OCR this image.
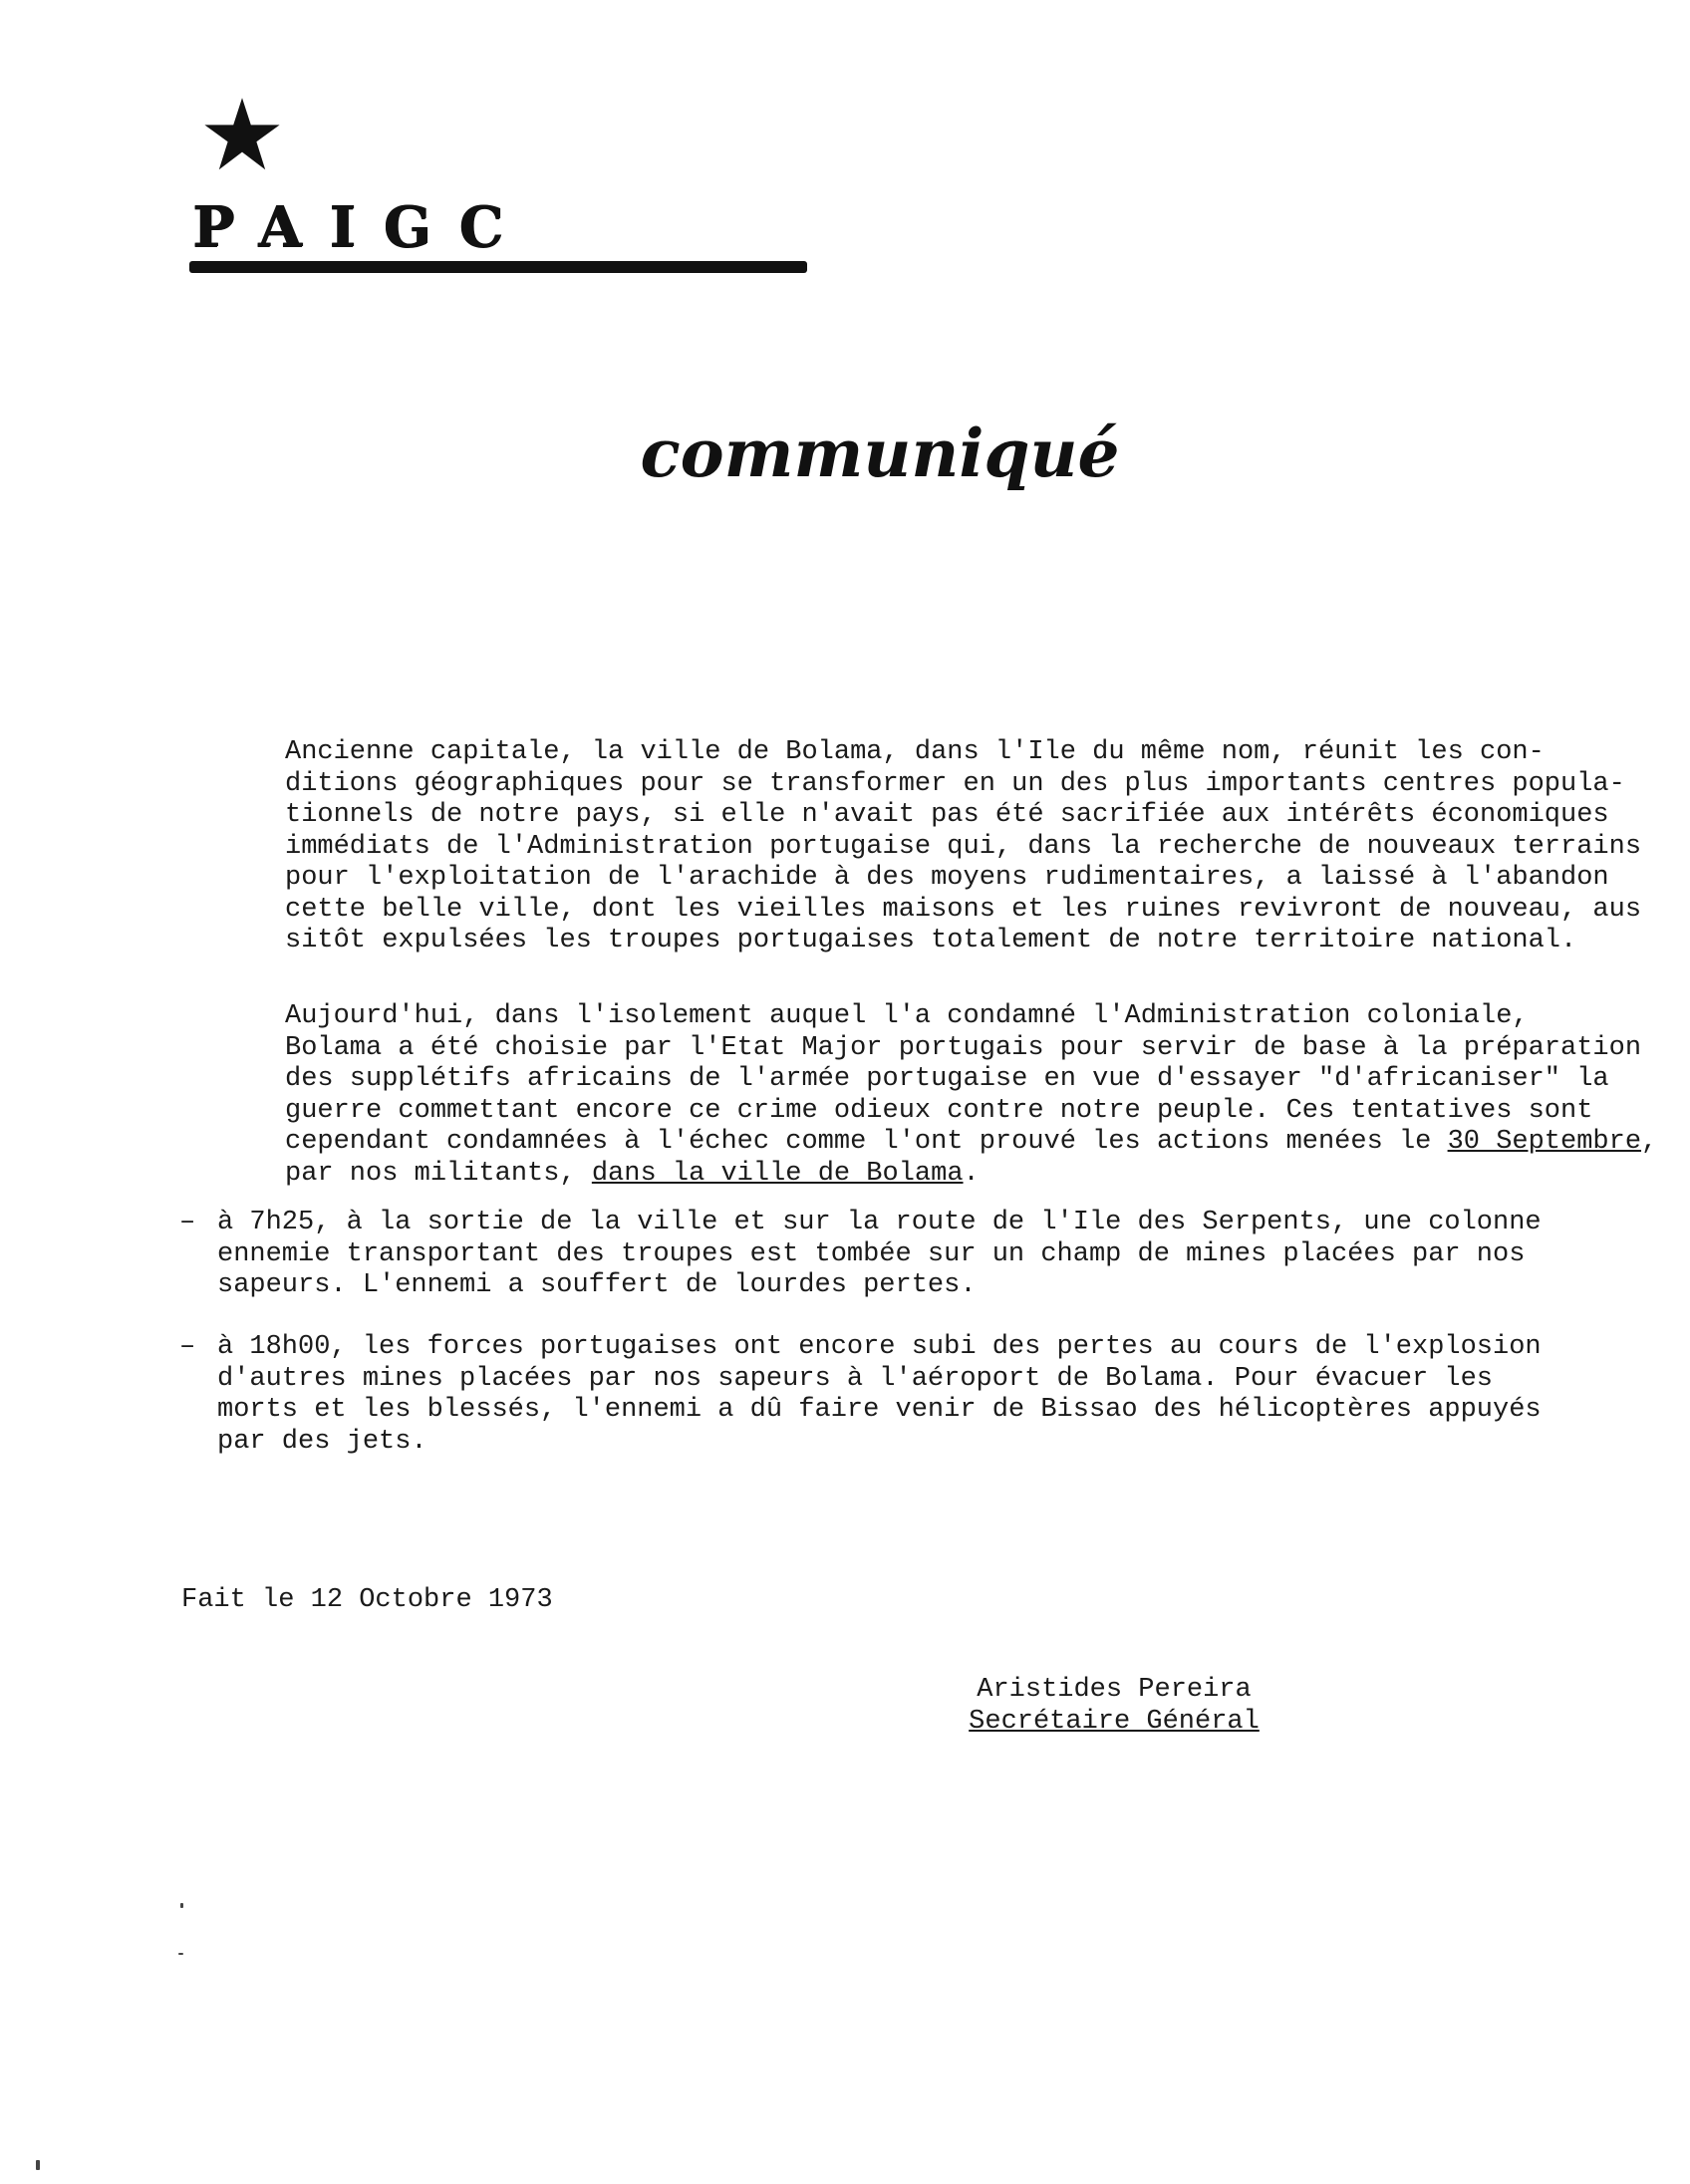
PAIGC
communiqué

Ancienne capitale, la ville de Bolama, dans l'Ile du même nom, réunit les con-
ditions géographiques pour se transformer en un des plus importants centres popula-
tionnels de notre pays, si elle n'avait pas été sacrifiée aux intérêts économiques
immédiats de l'Administration portugaise qui, dans la recherche de nouveaux terrains
pour l'exploitation de l'arachide à des moyens rudimentaires, a laissé à l'abandon
cette belle ville, dont les vieilles maisons et les ruines revivront de nouveau, aus
sitôt expulsées les troupes portugaises totalement de notre territoire national.

Aujourd'hui, dans l'isolement auquel l'a condamné l'Administration coloniale,
Bolama a été choisie par l'Etat Major portugais pour servir de base à la préparation
des supplétifs africains de l'armée portugaise en vue d'essayer "d'africaniser" la
guerre commettant encore ce crime odieux contre notre peuple. Ces tentatives sont
cependant condamnées à l'échec comme l'ont prouvé les actions menées le 30 Septembre,
par nos militants, dans la ville de Bolama.

– à 7h25, à la sortie de la ville et sur la route de l'Ile des Serpents, une colonne
ennemie transportant des troupes est tombée sur un champ de mines placées par nos
sapeurs. L'ennemi a souffert de lourdes pertes.
– à 18h00, les forces portugaises ont encore subi des pertes au cours de l'explosion
d'autres mines placées par nos sapeurs à l'aéroport de Bolama. Pour évacuer les
morts et les blessés, l'ennemi a dû faire venir de Bissao des hélicoptères appuyés
par des jets.

Fait le 12 Octobre 1973

Aristides Pereira

Secrétaire Général
